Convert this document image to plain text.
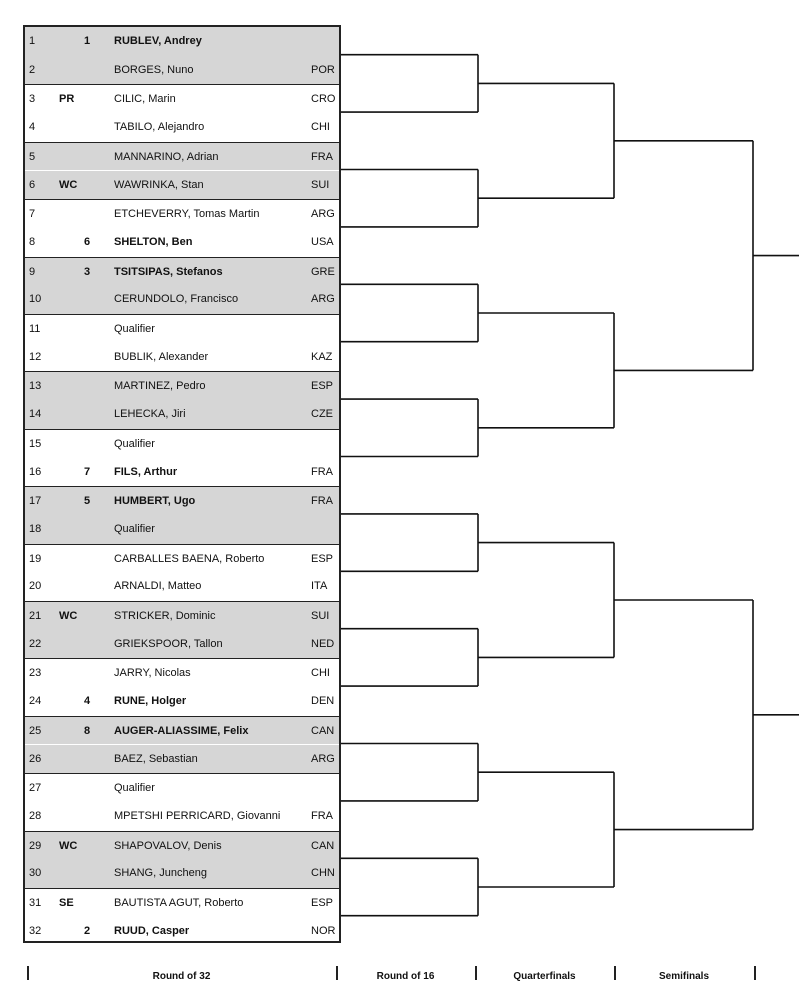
1	1 RUBLEV, Andrey
2	BORGES, Nuno	POR
3 PR	CILIC, Marin	CRO
4	TABILO, Alejandro	CHI
5	MANNARINO, Adrian	FRA
6 WC	WAWRINKA, Stan	SUI
7	ETCHEVERRY, Tomas Martin	ARG
8	6 SHELTON, Ben	USA
9	3 TSITSIPAS, Stefanos	GRE
10	CERUNDOLO, Francisco	ARG
11	Qualifier
12	BUBLIK, Alexander	KAZ
13	MARTINEZ, Pedro	ESP
14	LEHECKA, Jiri	CZE
15	Qualifier
16	7 FILS, Arthur	FRA
17	5 HUMBERT, Ugo	FRA
18	Qualifier
19	CARBALLES BAENA, Roberto	ESP
20	ARNALDI, Matteo	ITA
21 WC	STRICKER, Dominic	SUI
22	GRIEKSPOOR, Tallon	NED
23	JARRY, Nicolas	CHI
24	4 RUNE, Holger	DEN
25	8 AUGER-ALIASSIME, Felix	CAN
26	BAEZ, Sebastian	ARG
27	Qualifier
28	MPETSHI PERRICARD, Giovanni	FRA
29 WC	SHAPOVALOV, Denis	CAN
30	SHANG, Juncheng	CHN
31 SE	BAUTISTA AGUT, Roberto	ESP
32	2 RUUD, Casper	NOR
Round of 32	Round of 16	Quarterfinals	Semifinals
